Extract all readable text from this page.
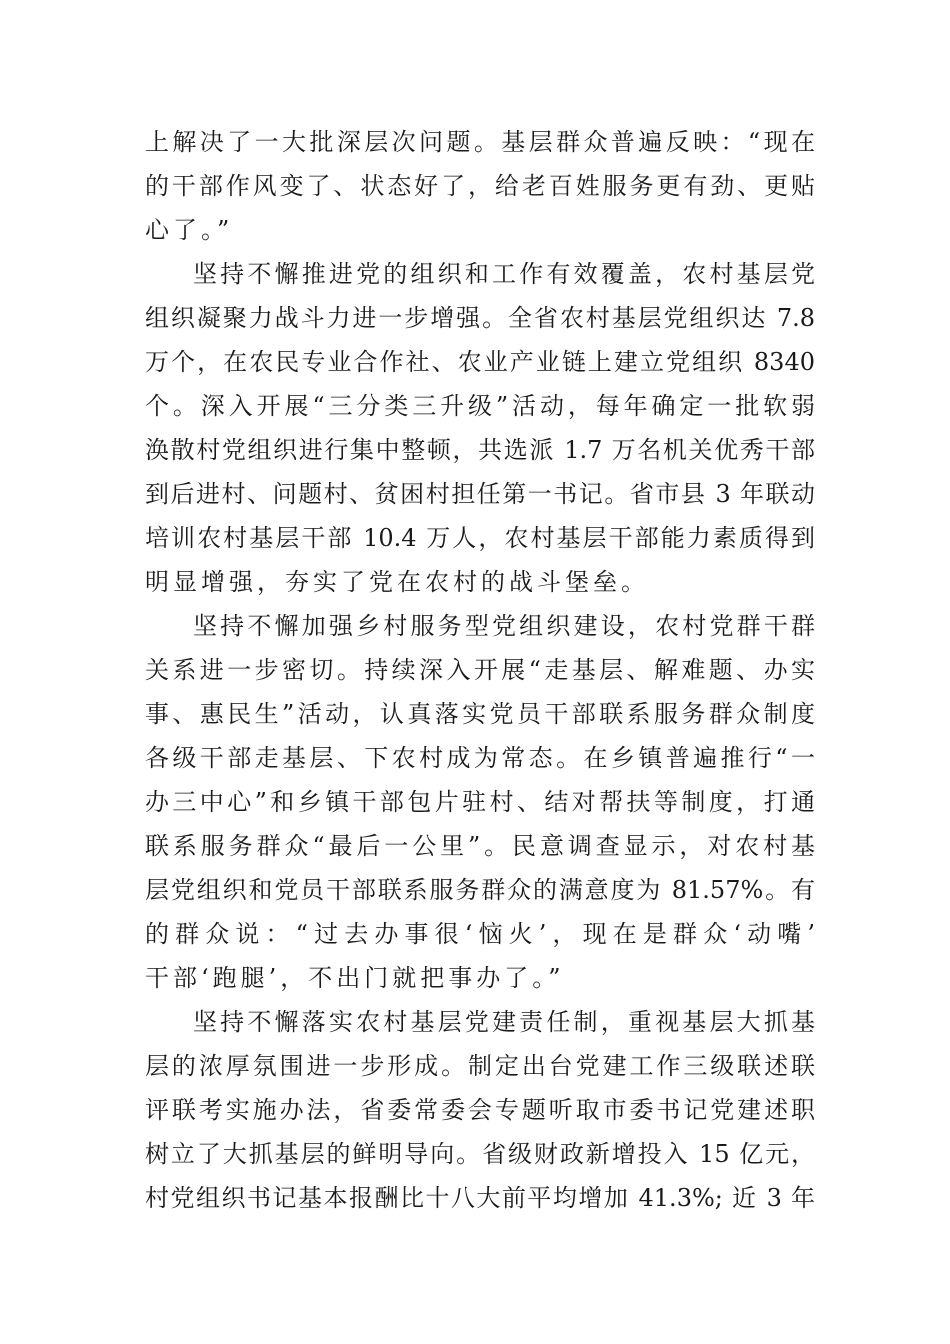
上解决了一大批深层次问题。基层群众普遍反映：“现在
的干部作风变了、状态好了，给老百姓服务更有劲、更贴
心了。”
坚持不懈推进党的组织和工作有效覆盖，农村基层党
组织凝聚力战斗力进一步增强。全省农村基层党组织达 7.8
万个，在农民专业合作社、农业产业链上建立党组织 8340
个。深入开展“三分类三升级”活动，每年确定一批软弱
涣散村党组织进行集中整顿，共选派 1.7 万名机关优秀干部
到后进村、问题村、贫困村担任第一书记。省市县 3 年联动
培训农村基层干部 10.4 万人，农村基层干部能力素质得到
明显增强，夯实了党在农村的战斗堡垒。
坚持不懈加强乡村服务型党组织建设，农村党群干群
关系进一步密切。持续深入开展“走基层、解难题、办实
事、惠民生”活动，认真落实党员干部联系服务群众制度
各级干部走基层、下农村成为常态。在乡镇普遍推行“一
办三中心”和乡镇干部包片驻村、结对帮扶等制度，打通
联系服务群众“最后一公里”。民意调查显示，对农村基
层党组织和党员干部联系服务群众的满意度为 81.57%。有
的群众说：“过去办事很‘恼火’，现在是群众‘动嘴’
干部‘跑腿’，不出门就把事办了。”
坚持不懈落实农村基层党建责任制，重视基层大抓基
层的浓厚氛围进一步形成。制定出台党建工作三级联述联
评联考实施办法，省委常委会专题听取市委书记党建述职
树立了大抓基层的鲜明导向。省级财政新增投入 15 亿元，
村党组织书记基本报酬比十八大前平均增加 41.3%; 近 3 年
